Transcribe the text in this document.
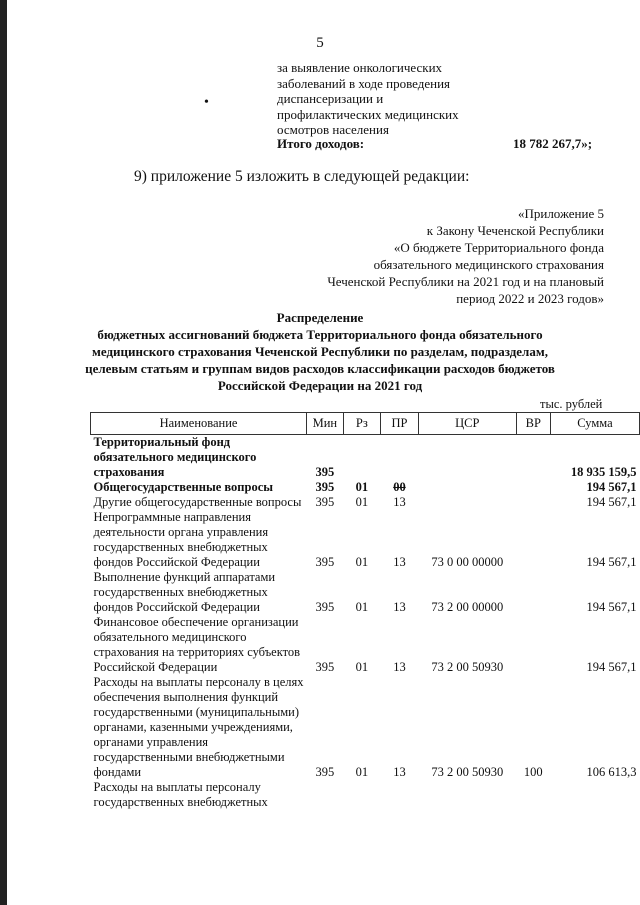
5
за выявление онкологических
заболеваний в ходе проведения
диспансеризации и
профилактических медицинских
осмотров населения
•
Итого доходов:	18 782 267,7»;
9) приложение 5 изложить в следующей редакции:
«Приложение 5
к Закону Чеченской Республики
«О бюджете Территориального фонда
обязательного медицинского страхования
Чеченской Республики на 2021 год и на плановый
период 2022 и 2023 годов»
Распределение
бюджетных ассигнований бюджета Территориального фонда обязательного
медицинского страхования Чеченской Республики по разделам, подразделам,
целевым статьям и группам видов расходов классификации расходов бюджетов
Российской Федерации на 2021 год
тыс. рублей
Наименование	Мин	Рз	ПР	ЦСР	ВР	Сумма
Территориальный фонд обязательного медицинского страхования	395					18 935 159,5
Общегосударственные вопросы	395	01	00			194 567,1
Другие общегосударственные вопросы	395	01	13			194 567,1
Непрограммные направления деятельности органа управления государственных внебюджетных фондов Российской Федерации	395	01	13	73 0 00 00000		194 567,1
Выполнение функций аппаратами государственных внебюджетных фондов Российской Федерации	395	01	13	73 2 00 00000		194 567,1
Финансовое обеспечение организации обязательного медицинского страхования на территориях субъектов Российской Федерации	395	01	13	73 2 00 50930		194 567,1
Расходы на выплаты персоналу в целях обеспечения выполнения функций государственными (муниципальными) органами, казенными учреждениями, органами управления государственными внебюджетными фондами	395	01	13	73 2 00 50930	100	106 613,3
Расходы на выплаты персоналу государственных внебюджетных						
